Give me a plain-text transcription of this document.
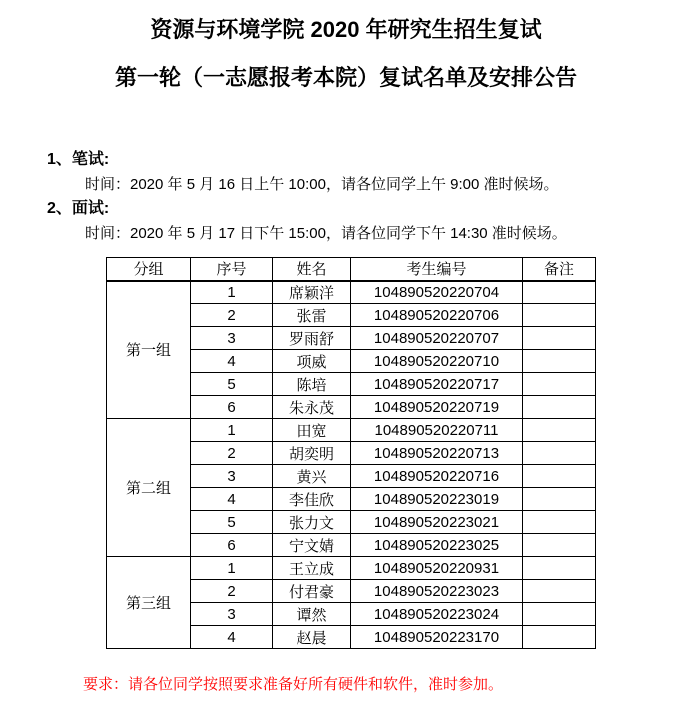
资源与环境学院 2020 年研究生招生复试
第一轮（一志愿报考本院）复试名单及安排公告
1、笔试:
时间：2020 年 5 月 16 日上午 10:00，请各位同学上午 9:00 准时候场。
2、面试:
时间：2020 年 5 月 17 日下午 15:00，请各位同学下午 14:30 准时候场。
分组	序号	姓名	考生编号	备注
第一组	1	席颖洋	104890520220704	
	2	张雷	104890520220706	
	3	罗雨舒	104890520220707	
	4	项威	104890520220710	
	5	陈培	104890520220717	
	6	朱永茂	104890520220719	
第二组	1	田宽	104890520220711	
	2	胡奕明	104890520220713	
	3	黄兴	104890520220716	
	4	李佳欣	104890520223019	
	5	张力文	104890520223021	
	6	宁文婧	104890520223025	
第三组	1	王立成	104890520220931	
	2	付君豪	104890520223023	
	3	谭然	104890520223024	
	4	赵晨	104890520223170	
要求：请各位同学按照要求准备好所有硬件和软件，准时参加。
